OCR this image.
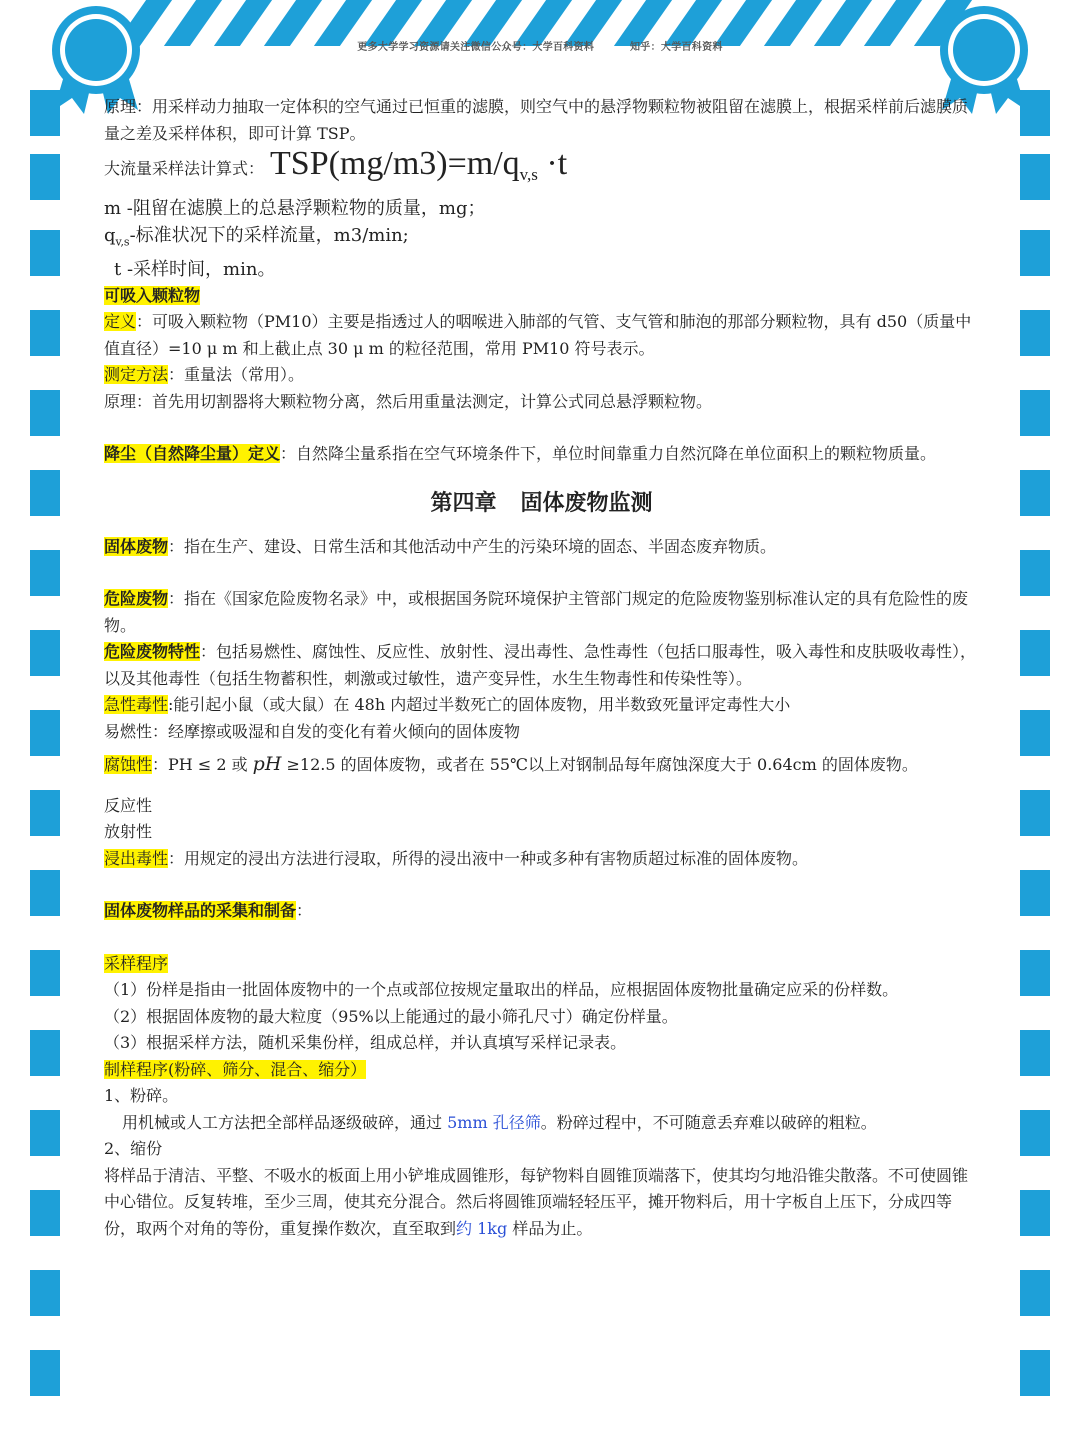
更多大学学习资源请关注微信公众号：大学百科资料	知乎：大学百科资料

原理：用采样动力抽取一定体积的空气通过已恒重的滤膜，则空气中的悬浮物颗粒物被阻留在滤膜上，根据采样前后滤膜质量之差及采样体积，即可计算 TSP。

大流量采样法计算式： $TSP(mg/m3)=m/q_{v,s} \cdot t$

m -阻留在滤膜上的总悬浮颗粒物的质量，mg；

$q_{v,s}-$标准状况下的采样流量，m3/min;

t -采样时间，min。

可吸入颗粒物

定义：可吸入颗粒物（PM10）主要是指透过人的咽喉进入肺部的气管、支气管和肺泡的那部分颗粒物，具有 d50（质量中值直径）=10 μ m 和上截止点 30 μ m 的粒径范围，常用 PM10 符号表示。

测定方法：重量法（常用）。

原理：首先用切割器将大颗粒物分离，然后用重量法测定，计算公式同总悬浮颗粒物。

降尘（自然降尘量）定义：自然降尘量系指在空气环境条件下，单位时间靠重力自然沉降在单位面积上的颗粒物质量。

第四章 固体废物监测

固体废物：指在生产、建设、日常生活和其他活动中产生的污染环境的固态、半固态废弃物质。

危险废物：指在《国家危险废物名录》中，或根据国务院环境保护主管部门规定的危险废物鉴别标准认定的具有危险性的废物。

危险废物特性：包括易燃性、腐蚀性、反应性、放射性、浸出毒性、急性毒性（包括口服毒性，吸入毒性和皮肤吸收毒性），以及其他毒性（包括生物蓄积性，刺激或过敏性，遗产变异性，水生生物毒性和传染性等）。

急性毒性:能引起小鼠（或大鼠）在 48h 内超过半数死亡的固体废物，用半数致死量评定毒性大小

易燃性：经摩擦或吸湿和自发的变化有着火倾向的固体废物

腐蚀性：PH ≤ 2 或 pH ≥12.5 的固体废物，或者在 55℃以上对钢制品每年腐蚀深度大于 0.64cm 的固体废物。

反应性

放射性

浸出毒性：用规定的浸出方法进行浸取，所得的浸出液中一种或多种有害物质超过标准的固体废物。

固体废物样品的采集和制备：

采样程序

（1）份样是指由一批固体废物中的一个点或部位按规定量取出的样品，应根据固体废物批量确定应采的份样数。

（2）根据固体废物的最大粒度（95%以上能通过的最小筛孔尺寸）确定份样量。

（3）根据采样方法，随机采集份样，组成总样，并认真填写采样记录表。

制样程序(粉碎、筛分、混合、缩分）

1、粉碎。

用机械或人工方法把全部样品逐级破碎，通过 5mm 孔径筛。粉碎过程中，不可随意丢弃难以破碎的粗粒。

2、缩份

将样品于清洁、平整、不吸水的板面上用小铲堆成圆锥形，每铲物料自圆锥顶端落下，使其均匀地沿锥尖散落。不可使圆锥中心错位。反复转堆，至少三周，使其充分混合。然后将圆锥顶端轻轻压平，摊开物料后，用十字板自上压下，分成四等份，取两个对角的等份，重复操作数次，直至取到约 1kg 样品为止。
